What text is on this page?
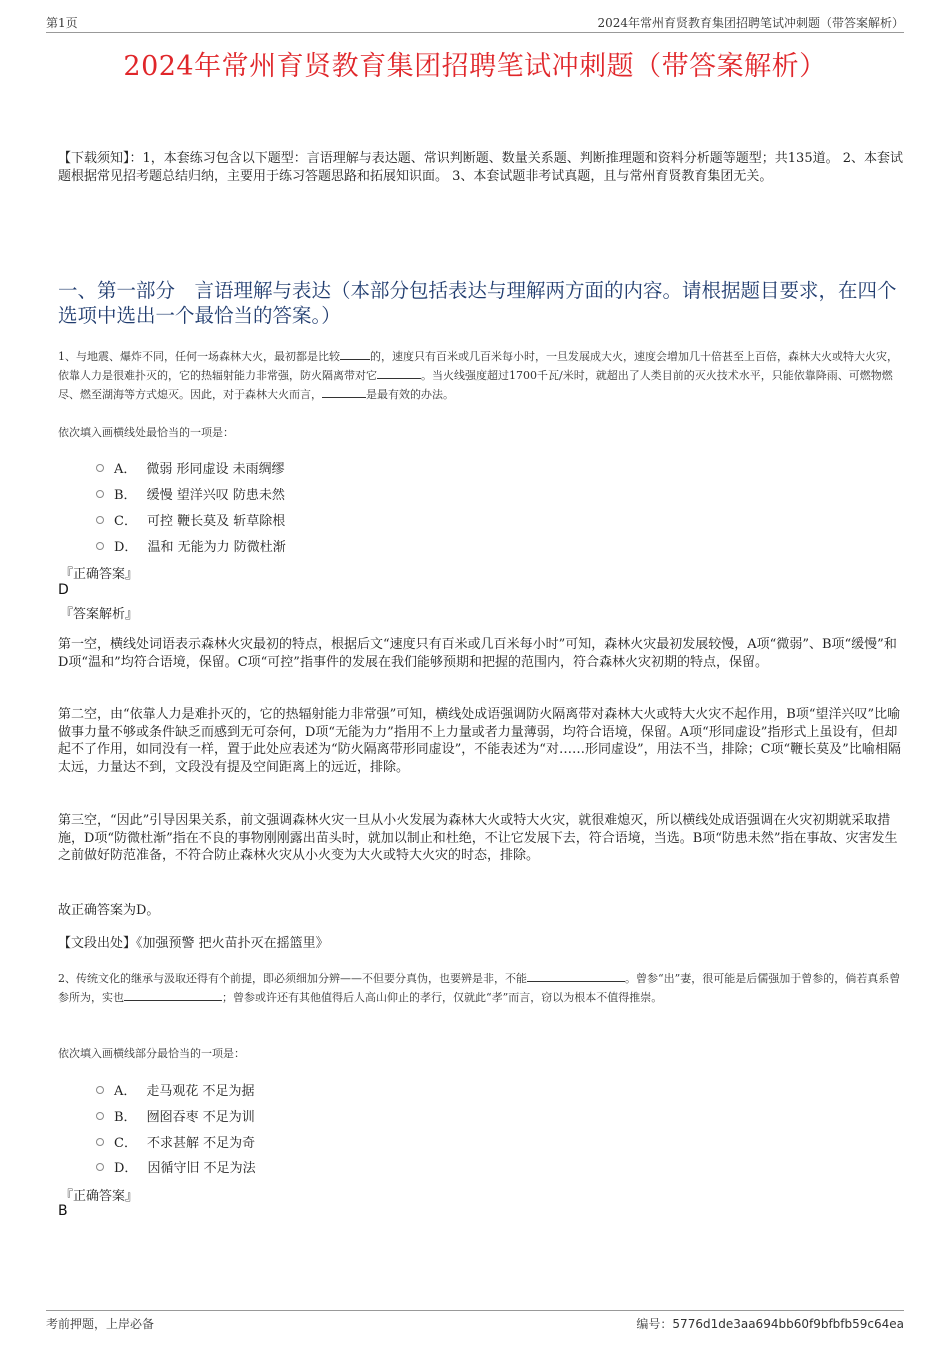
第1页	2024年常州育贤教育集团招聘笔试冲刺题（带答案解析）
2024年常州育贤教育集团招聘笔试冲刺题（带答案解析）
【下载须知】：1，本套练习包含以下题型：言语理解与表达题、常识判断题、数量关系题、判断推理题和资料分析题等题型；共135道。 2、本套试题根据常见招考题总结归纳，主要用于练习答题思路和拓展知识面。 3、本套试题非考试真题，且与常州育贤教育集团无关。
一、第一部分　言语理解与表达（本部分包括表达与理解两方面的内容。请根据题目要求，在四个选项中选出一个最恰当的答案。）
1、与地震、爆炸不同，任何一场森林大火，最初都是比较	的，速度只有百米或几百米每小时，一旦发展成大火，速度会增加几十倍甚至上百倍，森林大火或特大火灾，依靠人力是很难扑灭的，它的热辐射能力非常强，防火隔离带对它	。当火线强度超过1700千瓦/米时，就超出了人类目前的灭火技术水平，只能依靠降雨、可燃物燃尽、燃至湖海等方式熄灭。因此，对于森林大火而言，	是最有效的办法。
依次填入画横线处最恰当的一项是：
A． 微弱 形同虚设 未雨绸缪
B． 缓慢 望洋兴叹 防患未然
C． 可控 鞭长莫及 斩草除根
D． 温和 无能为力 防微杜渐
『正确答案』
D
『答案解析』
第一空，横线处词语表示森林火灾最初的特点，根据后文“速度只有百米或几百米每小时”可知，森林火灾最初发展较慢，A项“微弱”、B项“缓慢”和D项“温和”均符合语境，保留。C项“可控”指事件的发展在我们能够预期和把握的范围内，符合森林火灾初期的特点，保留。
第二空，由“依靠人力是难扑灭的，它的热辐射能力非常强”可知，横线处成语强调防火隔离带对森林大火或特大火灾不起作用，B项“望洋兴叹”比喻做事力量不够或条件缺乏而感到无可奈何，D项“无能为力”指用不上力量或者力量薄弱，均符合语境，保留。A项“形同虚设”指形式上虽设有，但却起不了作用，如同没有一样，置于此处应表述为“防火隔离带形同虚设”，不能表述为“对……形同虚设”，用法不当，排除；C项“鞭长莫及”比喻相隔太远，力量达不到，文段没有提及空间距离上的远近，排除。
第三空，“因此”引导因果关系，前文强调森林火灾一旦从小火发展为森林大火或特大火灾，就很难熄灭，所以横线处成语强调在火灾初期就采取措施，D项“防微杜渐”指在不良的事物刚刚露出苗头时，就加以制止和杜绝，不让它发展下去，符合语境，当选。B项“防患未然”指在事故、灾害发生之前做好防范准备，不符合防止森林火灾从小火变为大火或特大火灾的时态，排除。
故正确答案为D。
【文段出处】《加强预警 把火苗扑灭在摇篮里》
2、传统文化的继承与汲取还得有个前提，即必须细加分辨——不但要分真伪，也要辨是非，不能	。曾参“出”妻，很可能是后儒强加于曾参的，倘若真系曾参所为，实也	；曾参或许还有其他值得后人高山仰止的孝行，仅就此“孝”而言，窃以为根本不值得推崇。
依次填入画横线部分最恰当的一项是：
A． 走马观花 不足为据
B． 囫囵吞枣 不足为训
C． 不求甚解 不足为奇
D． 因循守旧 不足为法
『正确答案』
B
考前押题，上岸必备	编号：5776d1de3aa694bb60f9bfbfb59c64ea
